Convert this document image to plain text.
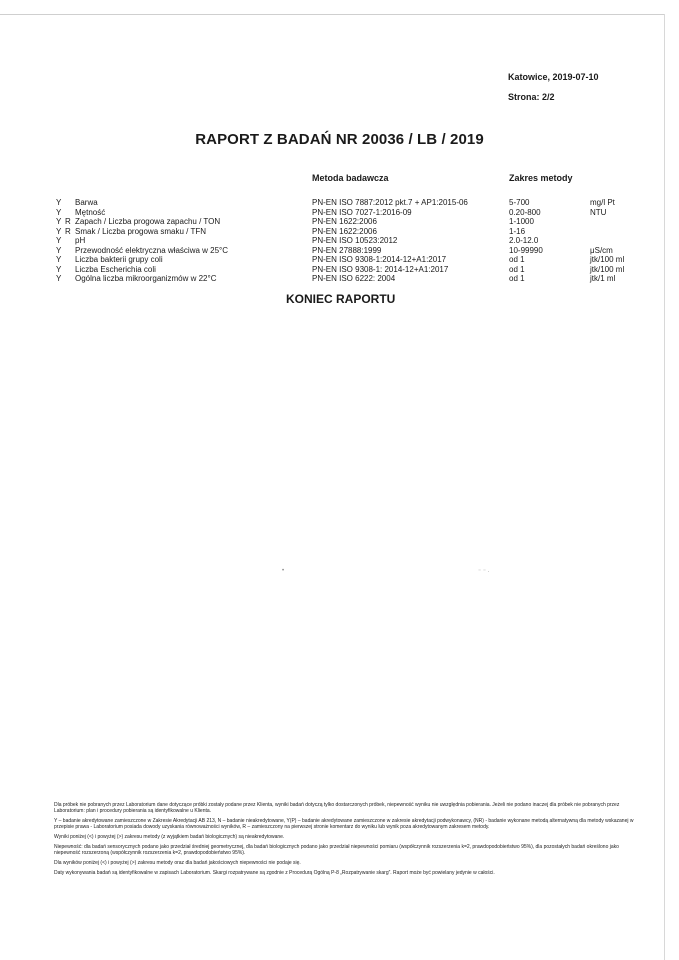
Katowice, 2019-07-10
Strona: 2/2
RAPORT Z BADAŃ NR 20036 / LB / 2019
Metoda badawcza	Zakres metody
Y Barwa	PN-EN ISO 7887:2012 pkt.7 + AP1:2015-06	5-700	mg/l Pt
Y Mętność	PN-EN ISO 7027-1:2016-09	0.20-800	NTU
Y R Zapach / Liczba progowa zapachu / TON	PN-EN 1622:2006	1-1000
Y R Smak / Liczba progowa smaku / TFN	PN-EN 1622:2006	1-16
Y pH	PN-EN ISO 10523:2012	2.0-12.0
Y Przewodność elektryczna właściwa w 25°C	PN-EN 27888:1999	10-99990	μS/cm
Y Liczba bakterii grupy coli	PN-EN ISO 9308-1:2014-12+A1:2017	od 1	jtk/100 ml
Y Liczba Escherichia coli	PN-EN ISO 9308-1: 2014-12+A1:2017	od 1	jtk/100 ml
Y Ogólna liczba mikroorganizmów w 22°C	PN-EN ISO 6222: 2004	od 1	jtk/1 ml
KONIEC RAPORTU
•	⁻ ⁻ ·

Dla próbek nie pobranych przez Laboratorium dane dotyczące próbki zostały podane przez Klienta, wyniki badań dotyczą tylko dostarczonych próbek, niepewność wyniku nie uwzględnia pobierania. Jeżeli nie podano inaczej dla próbek nie pobranych przez Laboratorium: plan i procedury pobierania są identyfikowalne u Klienta.

Y – badanie akredytowane zamieszczone w Zakresie Akredytacji AB 213, N – badanie nieakredytowane, Y(P) – badanie akredytowane zamieszczone w zakresie akredytacji podwykonawcy, (NR) - badanie wykonane metodą alternatywną dla metody wskazanej w przepisie prawa - Laboratorium posiada dowody uzyskania równoważności wyników, R – zamieszczony na pierwszej stronie komentarz do wyniku lub wynik poza akredytowanym zakresem metody.

Wyniki poniżej (<) i powyżej (>) zakresu metody (z wyjątkiem badań biologicznych) są nieakredytowane.

Niepewność: dla badań sensorycznych podano jako przedział średniej geometrycznej, dla badań biologicznych podano jako przedział niepewności pomiaru (współczynnik rozszerzenia k=2, prawdopodobieństwo 95%), dla pozostałych badań określono jako niepewność rozszerzoną (współczynnik rozszerzenia k=2, prawdopodobieństwo 95%).

Dla wyników poniżej (<) i powyżej (>) zakresu metody oraz dla badań jakościowych niepewności nie podaje się.

Daty wykonywania badań są identyfikowalne w zapisach Laboratorium. Skargi rozpatrywane są zgodnie z Procedurą Ogólną P-8 „Rozpatrywanie skarg”. Raport może być powielany jedynie w całości.
